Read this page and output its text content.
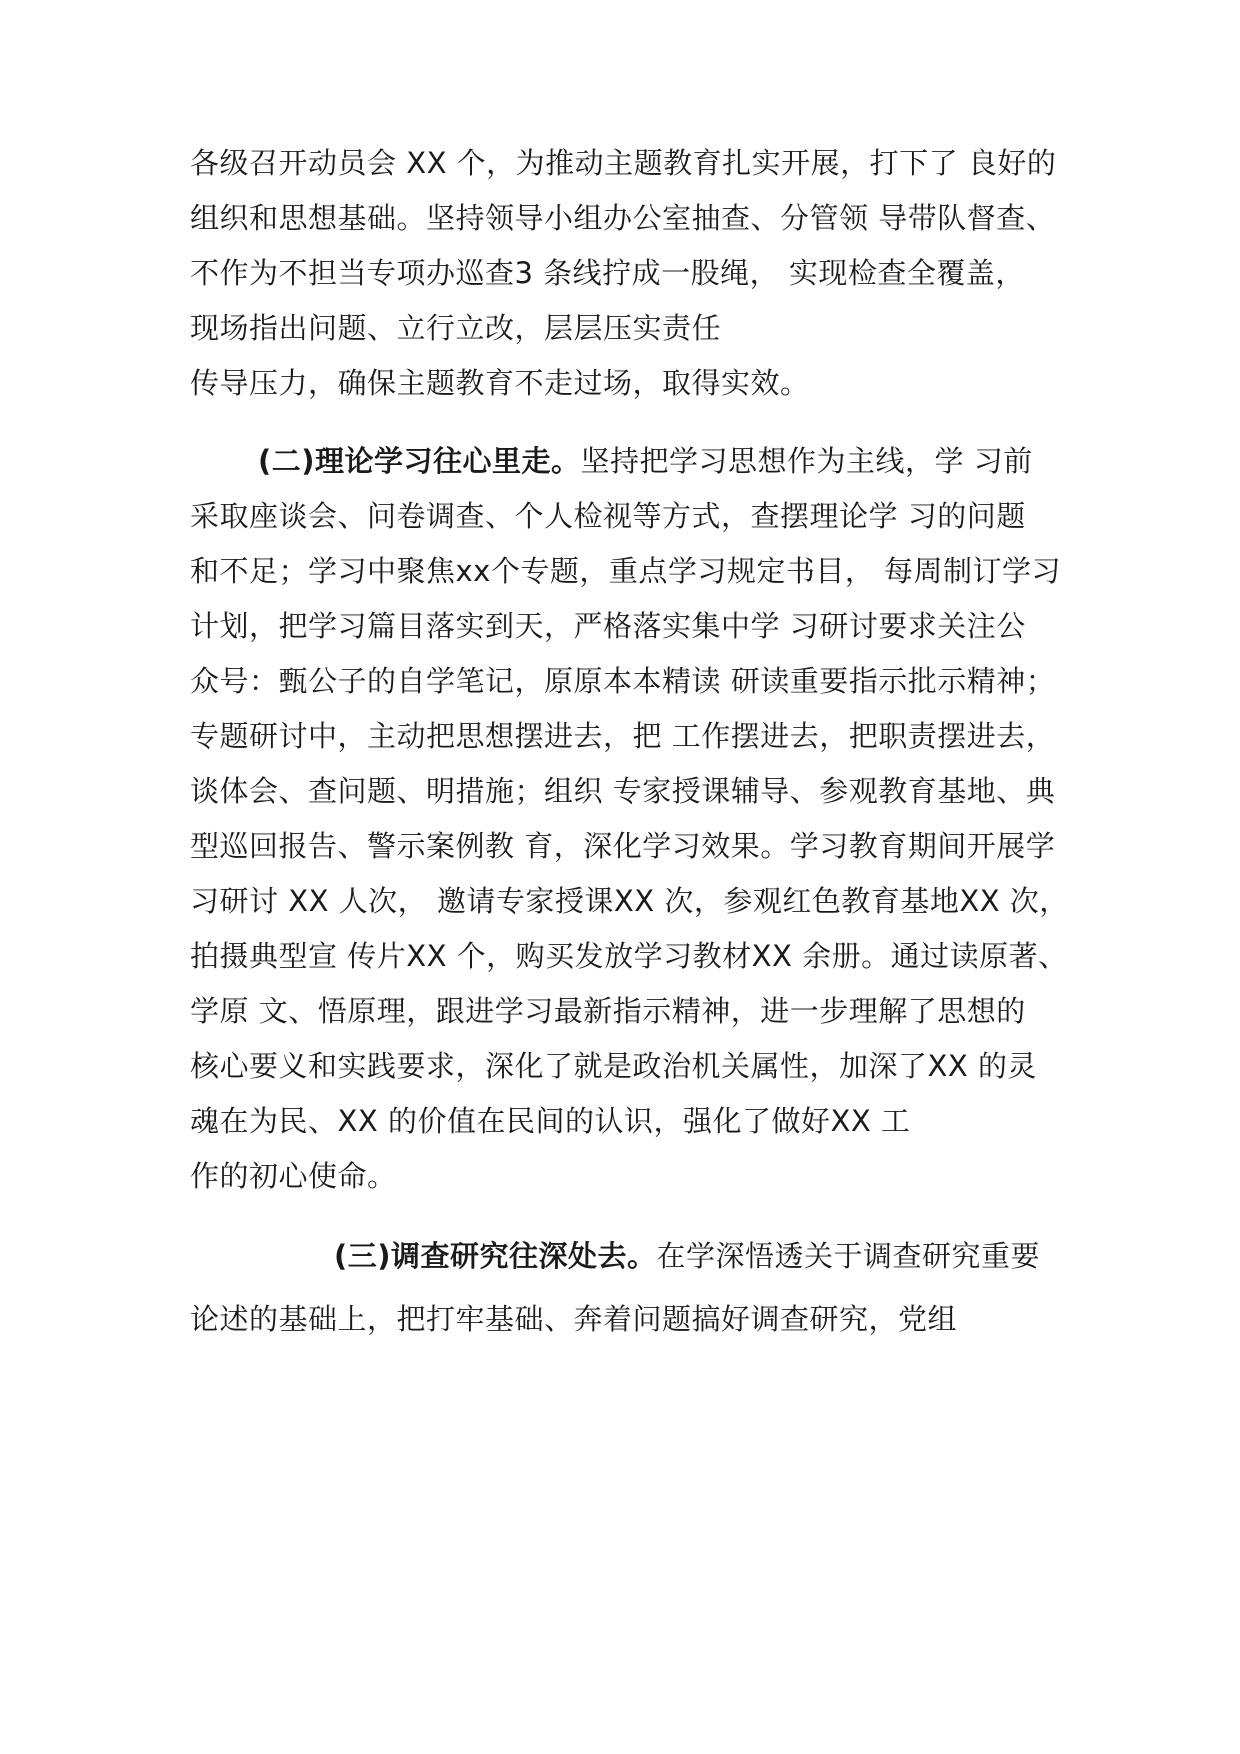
各级召开动员会 XX 个，为推动主题教育扎实开展，打下了 良好的
组织和思想基础。坚持领导小组办公室抽查、分管领 导带队督查、
不作为不担当专项办巡查3 条线拧成一股绳， 实现检查全覆盖，
现场指出问题、立行立改，层层压实责任
传导压力，确保主题教育不走过场，取得实效。
(二)理论学习往心里走。坚持把学习思想作为主线，学 习前
采取座谈会、问卷调查、个人检视等方式，查摆理论学 习的问题
和不足；学习中聚焦xx个专题，重点学习规定书目， 每周制订学习
计划，把学习篇目落实到天，严格落实集中学 习研讨要求关注公
众号：甄公子的自学笔记，原原本本精读 研读重要指示批示精神；
专题研讨中，主动把思想摆进去，把 工作摆进去，把职责摆进去，
谈体会、查问题、明措施；组织 专家授课辅导、参观教育基地、典
型巡回报告、警示案例教 育，深化学习效果。学习教育期间开展学
习研讨 XX 人次， 邀请专家授课XX 次，参观红色教育基地XX 次，
拍摄典型宣 传片XX 个，购买发放学习教材XX 余册。通过读原著、
学原 文、悟原理，跟进学习最新指示精神，进一步理解了思想的
核心要义和实践要求，深化了就是政治机关属性，加深了XX 的灵
魂在为民、XX 的价值在民间的认识，强化了做好XX 工
作的初心使命。
(三)调查研究往深处去。在学深悟透关于调查研究重要
论述的基础上，把打牢基础、奔着问题搞好调查研究，党组
